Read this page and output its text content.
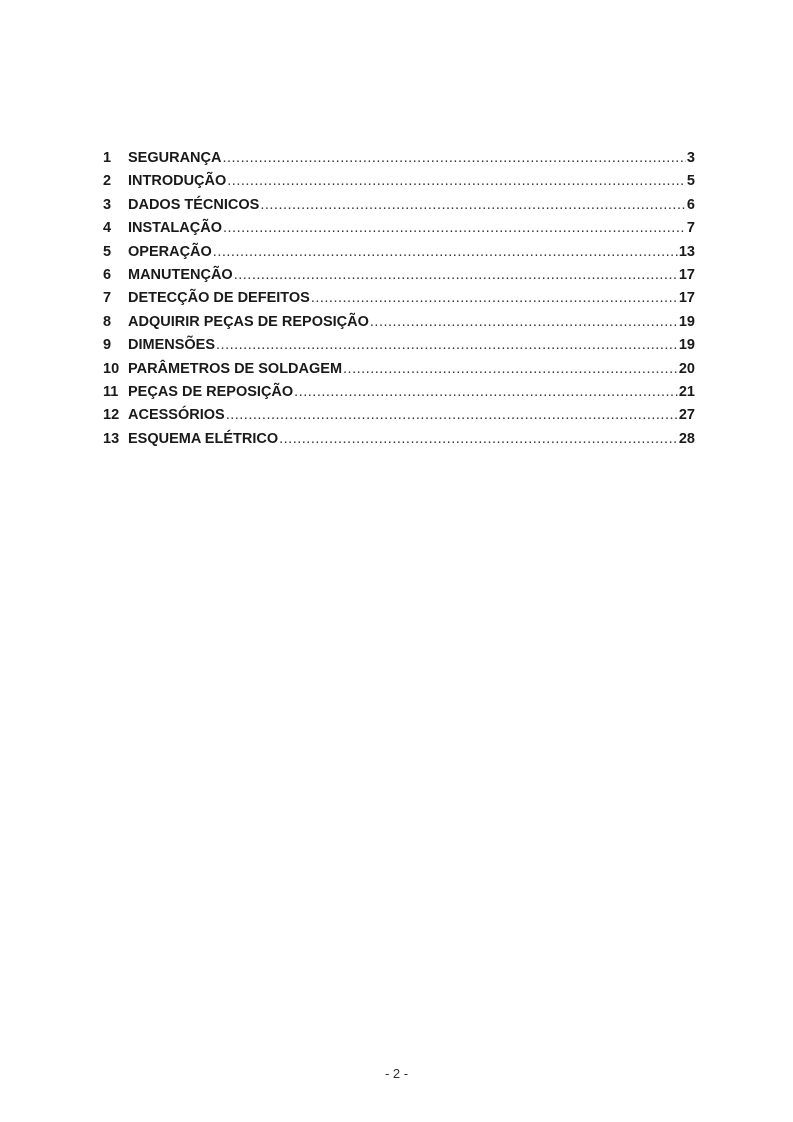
1	SEGURANÇA .....	3
2	INTRODUÇÃO .....	5
3	DADOS TÉCNICOS .....	6
4	INSTALAÇÃO .....	7
5	OPERAÇÃO .....	13
6	MANUTENÇÃO .....	17
7	DETECÇÃO DE DEFEITOS .....	17
8	ADQUIRIR PEÇAS DE REPOSIÇÃO .....	19
9	DIMENSÕES .....	19
10 PARÂMETROS DE SOLDAGEM .....	20
11 PEÇAS DE REPOSIÇÃO .....	21
12 ACESSÓRIOS .....	27
13 ESQUEMA ELÉTRICO .....	28
- 2 -
